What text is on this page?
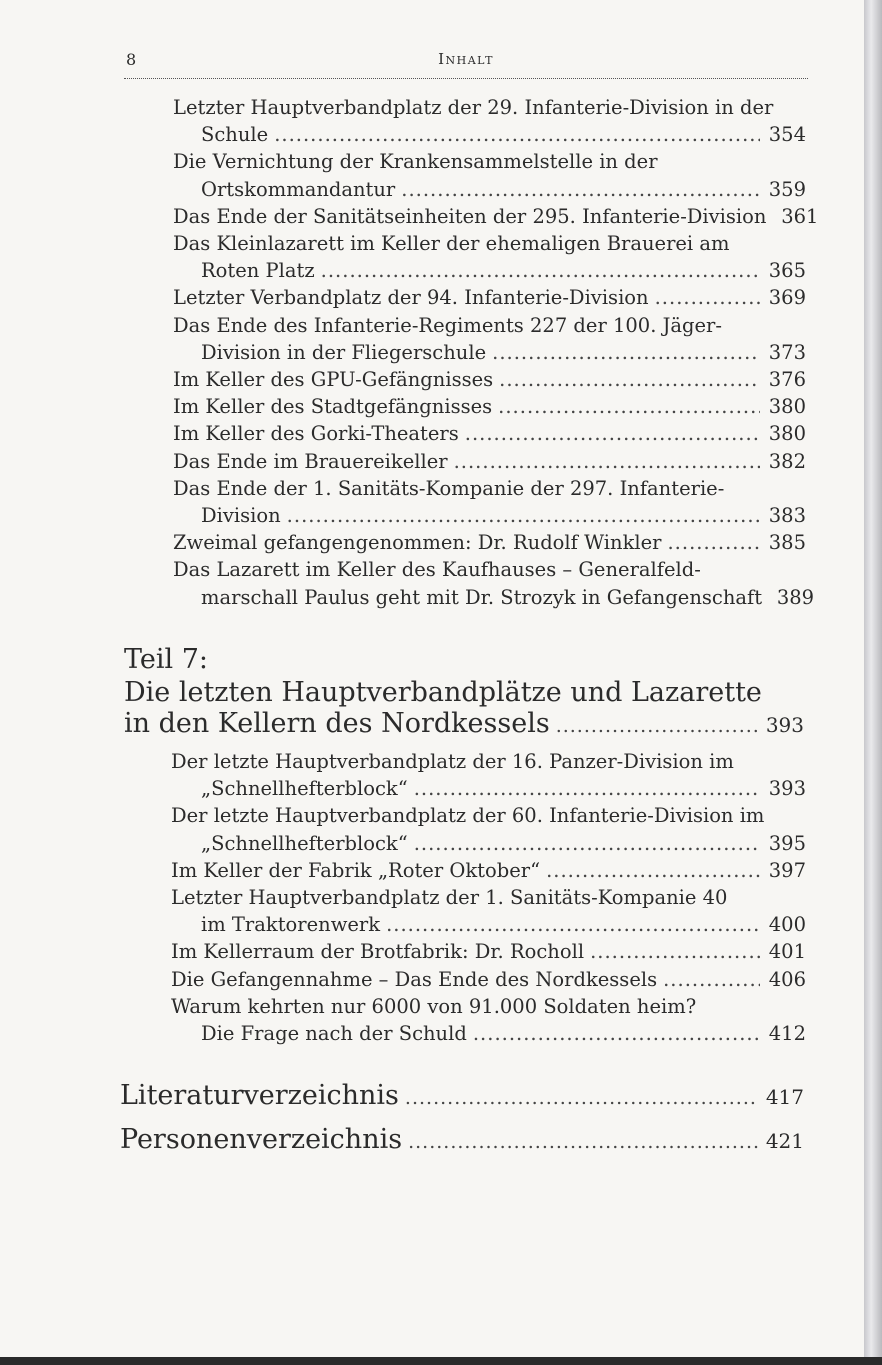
8	Inhalt
Teil 7:
Die letzten Hauptverbandplätze und Lazarette
in den Kellern des Nordkessels .....	393
Literaturverzeichnis .....	417
Personenverzeichnis .....	421
Letzter Hauptverbandplatz der 29. Infanterie-Division in der
Schule .....	354
Die Vernichtung der Krankensammelstelle in der
Ortskommandantur .....	359
Das Ende der Sanitätseinheiten der 295. Infanterie-Division 361
Das Kleinlazarett im Keller der ehemaligen Brauerei am
Roten Platz .....	365
Letzter Verbandplatz der 94. Infanterie-Division .....	369
Das Ende des Infanterie-Regiments 227 der 100. Jäger-
Division in der Fliegerschule .....	373
Im Keller des GPU-Gefängnisses .....	376
Im Keller des Stadtgefängnisses .....	380
Im Keller des Gorki-Theaters .....	380
Das Ende im Brauereikeller .....	382
Das Ende der 1. Sanitäts-Kompanie der 297. Infanterie-
Division .....	383
Zweimal gefangengenommen: Dr. Rudolf Winkler .....	385
Das Lazarett im Keller des Kaufhauses – Generalfeld-
marschall Paulus geht mit Dr. Strozyk in Gefangenschaft 389
Der letzte Hauptverbandplatz der 16. Panzer-Division im
„Schnellhefterblock“ .....	393
Der letzte Hauptverbandplatz der 60. Infanterie-Division im
„Schnellhefterblock“ .....	395
Im Keller der Fabrik „Roter Oktober“ .....	397
Letzter Hauptverbandplatz der 1. Sanitäts-Kompanie 40
im Traktorenwerk .....	400
Im Kellerraum der Brotfabrik: Dr. Rocholl .....	401
Die Gefangennahme – Das Ende des Nordkessels .....	406
Warum kehrten nur 6000 von 91.000 Soldaten heim?
Die Frage nach der Schuld .....	412
